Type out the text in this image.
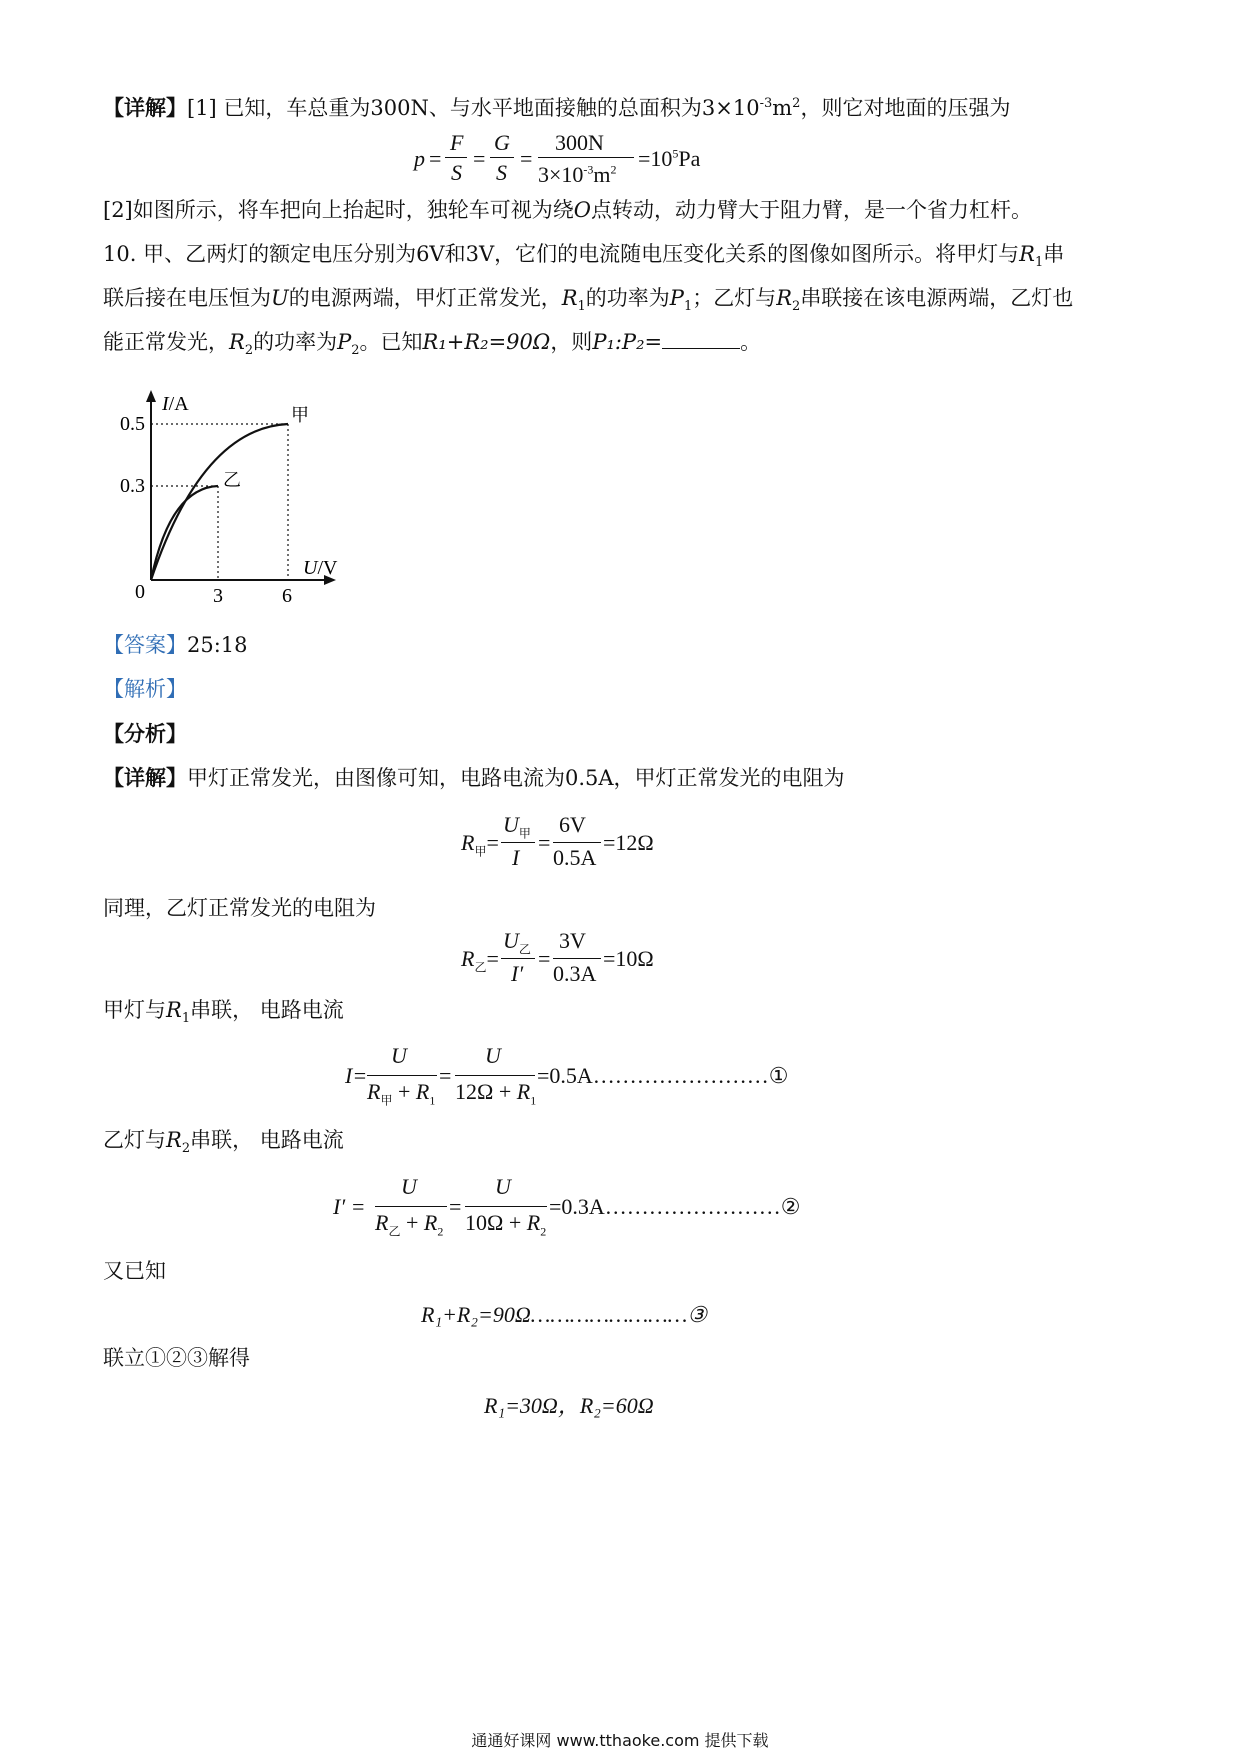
【详解】[1] 已知，车总重为300N、与水平地面接触的总面积为$3\times 10^{-3}m^2$，则它对地面的压强为
p =
F
S
=
G
S
=
300N
$3\times 10^{-3}m^2 =10^5Pa$
[2]如图所示，将车把向上抬起时，独轮车可视为绕O点转动，动力臂大于阻力臂，是一个省力杠杆。
10. 甲、乙两灯的额定电压分别为6V和3V，它们的电流随电压变化关系的图像如图所示。将甲灯与$R_1$串
联后接在电压恒为U的电源两端，甲灯正常发光，$R_1$的功率为$P_1$；乙灯与$R_2$串联接在该电源两端，乙灯也
能正常发光，$R_2$的功率为$P_2$。已知R₁+R₂=90Ω，则P₁:P₂=	。
0.5
0.3
0	3	6
I/A
U/V
甲
乙
【答案】25:18
【解析】
【分析】
【详解】甲灯正常发光，由图像可知，电路电流为0.5A，甲灯正常发光的电阻为
$R_甲=$
$U_甲$
I
=
6V
0.5A
=12Ω
同理，乙灯正常发光的电阻为
$R_乙=$
$U_乙$
I′
=
3V
0.3A
=10Ω
甲灯与$R_1$串联， 电路电流
I=
U
$R_甲 + R_1$
=
U
$12\Omega + R_1$
=0.5A……………………①
乙灯与$R_2$串联， 电路电流
I′ =
U
$R_乙 + R_2$
=
U
$10\Omega + R_2$
=0.3A……………………②
又已知
R₁+R₂=90Ω……………………③
联立①②③解得
R₁=30Ω，R₂=60Ω
通通好课网 www.tthaoke.com 提供下载
